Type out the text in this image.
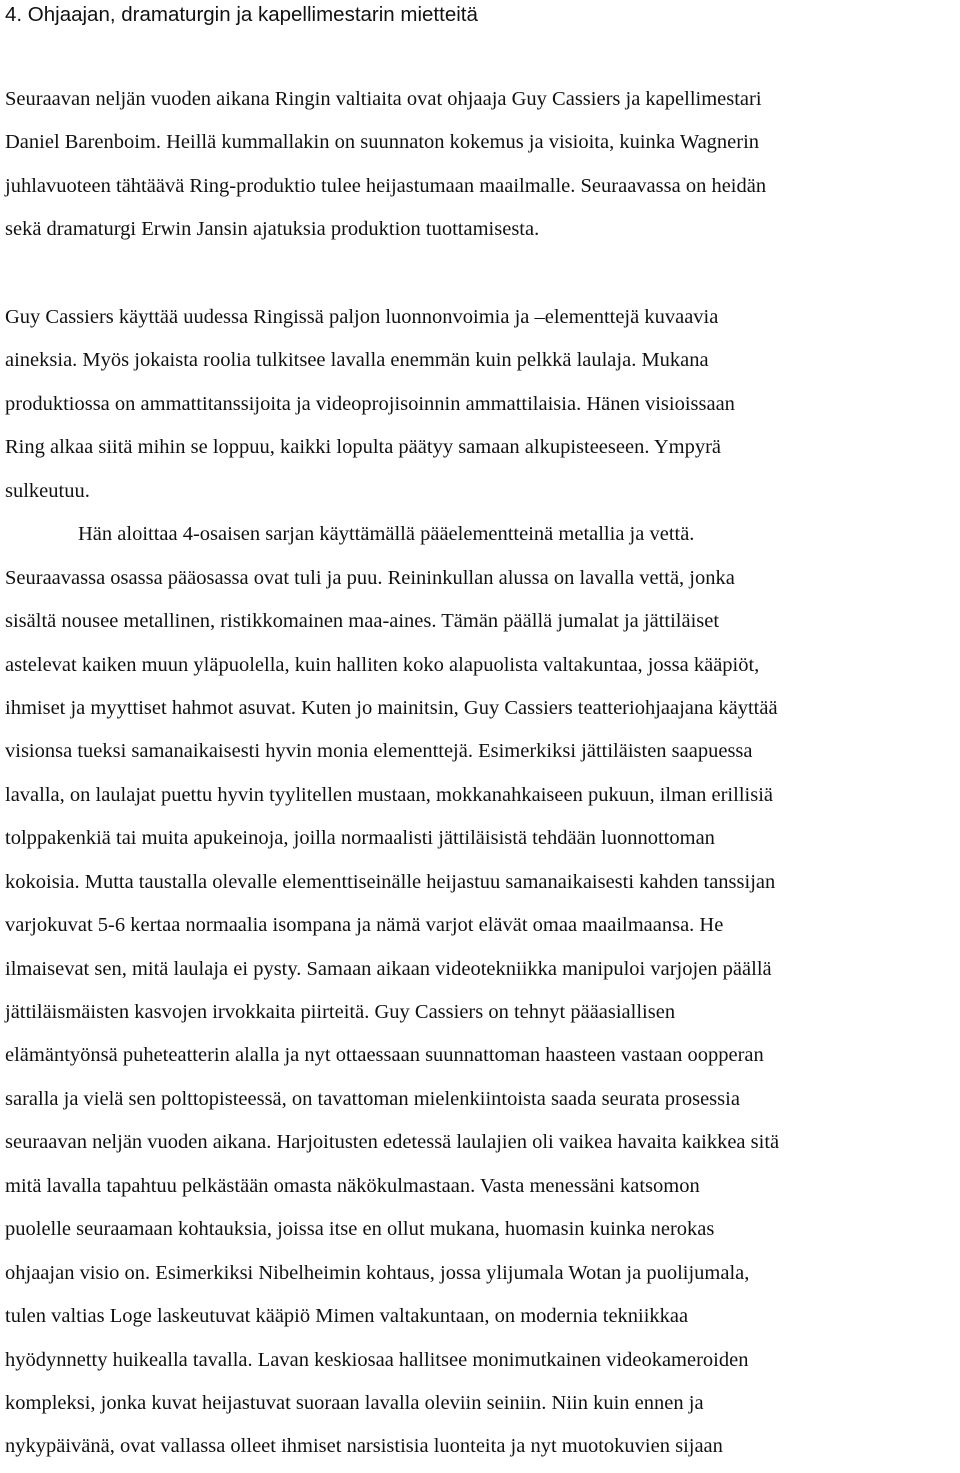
4. Ohjaajan, dramaturgin ja kapellimestarin mietteitä
Seuraavan neljän vuoden aikana Ringin valtiaita ovat ohjaaja Guy Cassiers ja kapellimestari
Daniel Barenboim. Heillä kummallakin on suunnaton kokemus ja visioita, kuinka Wagnerin
juhlavuoteen tähtäävä Ring-produktio tulee heijastumaan maailmalle. Seuraavassa on heidän
sekä dramaturgi Erwin Jansin ajatuksia produktion tuottamisesta.
Guy Cassiers käyttää uudessa Ringissä paljon luonnonvoimia ja –elementtejä kuvaavia
aineksia. Myös jokaista roolia tulkitsee lavalla enemmän kuin pelkkä laulaja. Mukana
produktiossa on ammattitanssijoita ja videoprojisoinnin ammattilaisia. Hänen visioissaan
Ring alkaa siitä mihin se loppuu, kaikki lopulta päätyy samaan alkupisteeseen. Ympyrä
sulkeutuu.
Hän aloittaa 4-osaisen sarjan käyttämällä pääelementteinä metallia ja vettä.
Seuraavassa osassa pääosassa ovat tuli ja puu. Reininkullan alussa on lavalla vettä, jonka
sisältä nousee metallinen, ristikkomainen maa-aines. Tämän päällä jumalat ja jättiläiset
astelevat kaiken muun yläpuolella, kuin halliten koko alapuolista valtakuntaa, jossa kääpiöt,
ihmiset ja myyttiset hahmot asuvat. Kuten jo mainitsin, Guy Cassiers teatteriohjaajana käyttää
visionsa tueksi samanaikaisesti hyvin monia elementtejä. Esimerkiksi jättiläisten saapuessa
lavalla, on laulajat puettu hyvin tyylitellen mustaan, mokkanahkaiseen pukuun, ilman erillisiä
tolppakenkiä tai muita apukeinoja, joilla normaalisti jättiläisistä tehdään luonnottoman
kokoisia. Mutta taustalla olevalle elementtiseinälle heijastuu samanaikaisesti kahden tanssijan
varjokuvat 5-6 kertaa normaalia isompana ja nämä varjot elävät omaa maailmaansa. He
ilmaisevat sen, mitä laulaja ei pysty. Samaan aikaan videotekniikka manipuloi varjojen päällä
jättiläismäisten kasvojen irvokkaita piirteitä. Guy Cassiers on tehnyt pääasiallisen
elämäntyönsä puheteatterin alalla ja nyt ottaessaan suunnattoman haasteen vastaan oopperan
saralla ja vielä sen polttopisteessä, on tavattoman mielenkiintoista saada seurata prosessia
seuraavan neljän vuoden aikana. Harjoitusten edetessä laulajien oli vaikea havaita kaikkea sitä
mitä lavalla tapahtuu pelkästään omasta näkökulmastaan. Vasta menessäni katsomon
puolelle seuraamaan kohtauksia, joissa itse en ollut mukana, huomasin kuinka nerokas
ohjaajan visio on. Esimerkiksi Nibelheimin kohtaus, jossa ylijumala Wotan ja puolijumala,
tulen valtias Loge laskeutuvat kääpiö Mimen valtakuntaan, on modernia tekniikkaa
hyödynnetty huikealla tavalla. Lavan keskiosaa hallitsee monimutkainen videokameroiden
kompleksi, jonka kuvat heijastuvat suoraan lavalla oleviin seiniin. Niin kuin ennen ja
nykypäivänä, ovat vallassa olleet ihmiset narsistisia luonteita ja nyt muotokuvien sijaan
